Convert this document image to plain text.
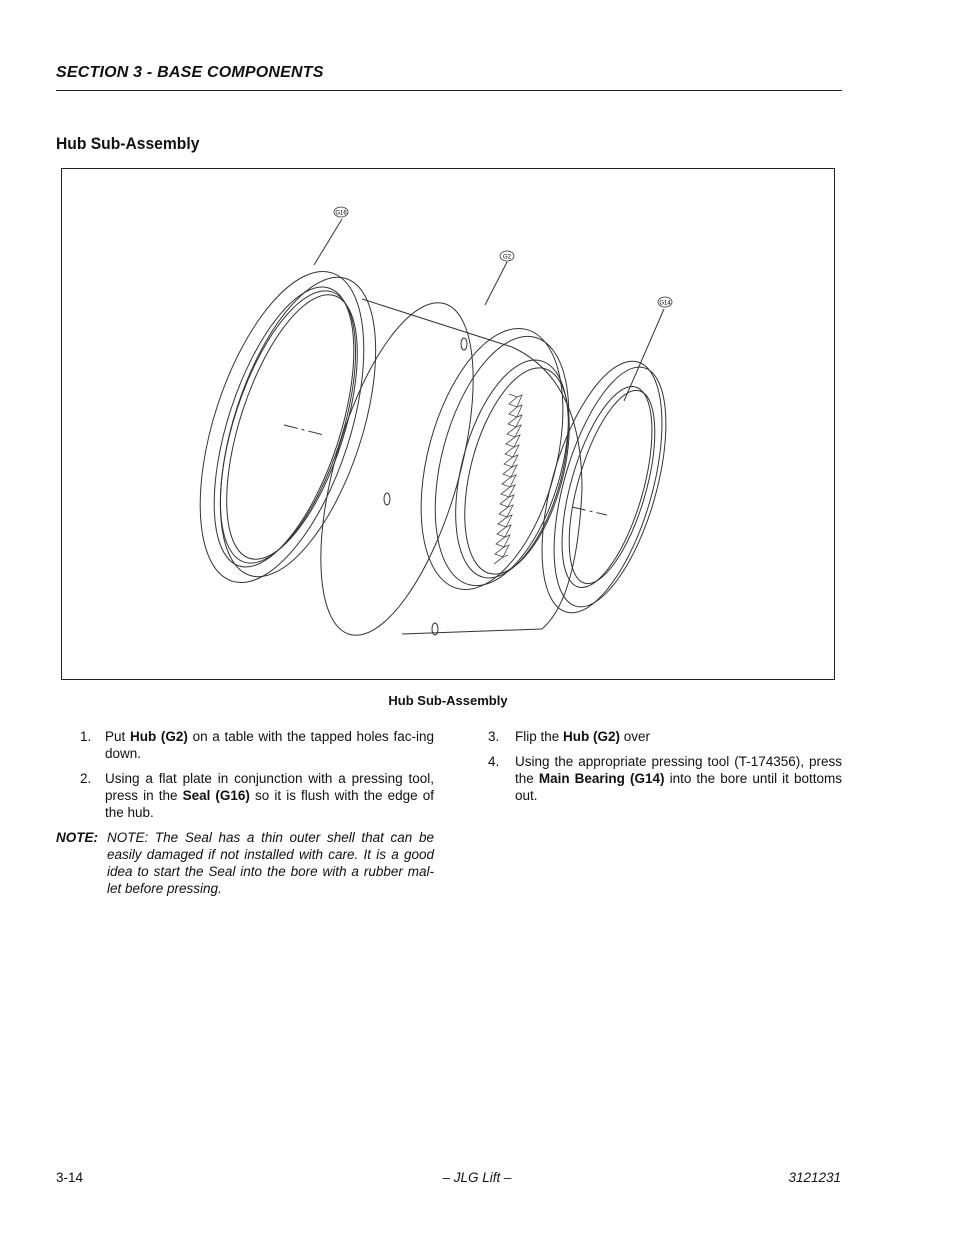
SECTION 3 - BASE COMPONENTS
Hub Sub-Assembly
G16
G2
G14
Hub Sub-Assembly
1. Put Hub (G2) on a table with the tapped holes fac-ing down.
2. Using a flat plate in conjunction with a pressing tool, press in the Seal (G16) so it is flush with the edge of the hub.
NOTE: NOTE: The Seal has a thin outer shell that can be easily damaged if not installed with care. It is a good idea to start the Seal into the bore with a rubber mal-let before pressing.
3. Flip the Hub (G2) over
4. Using the appropriate pressing tool (T-174356), press the Main Bearing (G14) into the bore until it bottoms out.
3-14	– JLG Lift –	3121231
